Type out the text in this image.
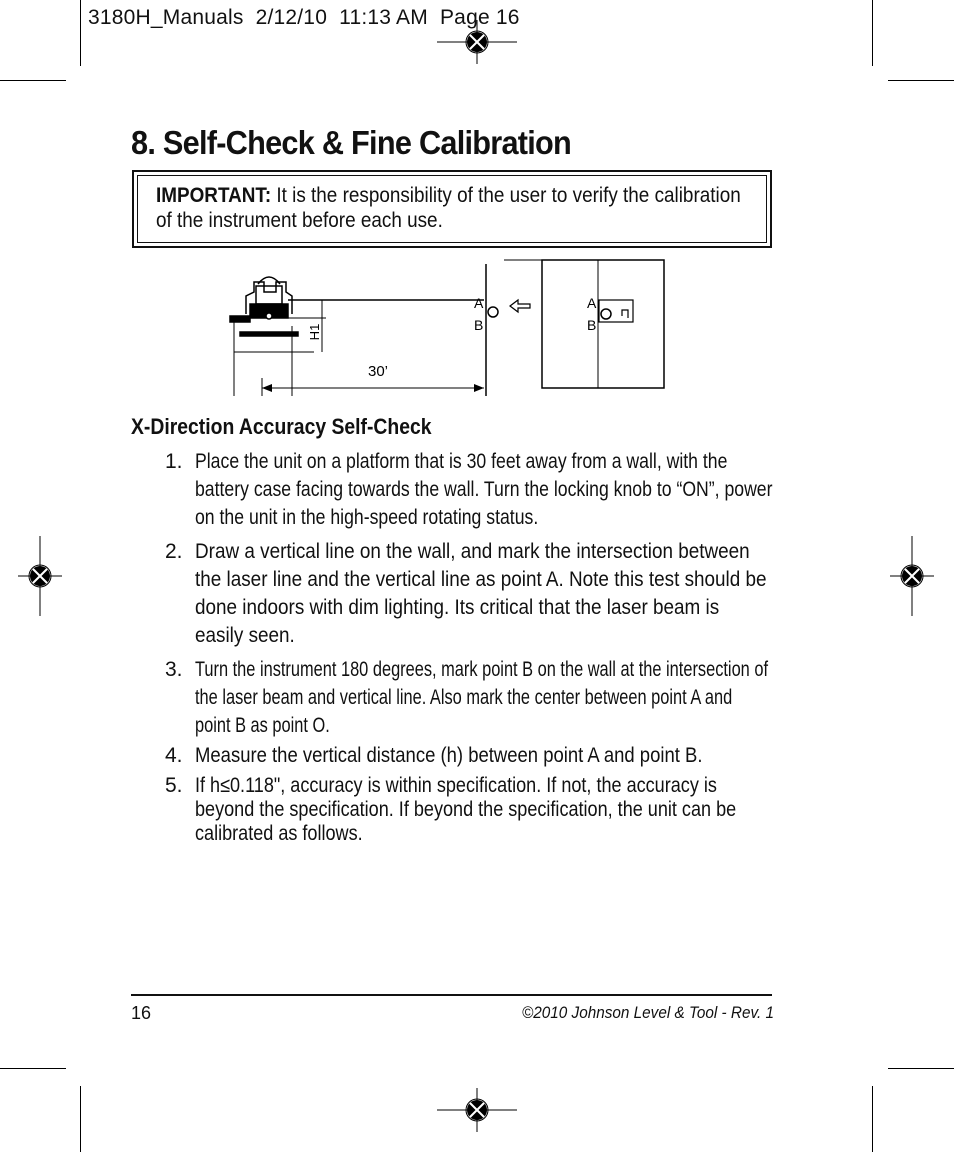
3180H_Manuals  2/12/10  11:13 AM  Page 16
8. Self-Check & Fine Calibration
IMPORTANT: It is the responsibility of the user to verify the calibration of the instrument before each use.
H1
30’
A
B
A
B
X-Direction Accuracy Self-Check
1. Place the unit on a platform that is 30 feet away from a wall, with the battery case facing towards the wall. Turn the locking knob to “ON”, power on the unit in the high-speed rotating status.
2. Draw a vertical line on the wall, and mark the intersection between the laser line and the vertical line as point A. Note this test should be done indoors with dim lighting. Its critical that the laser beam is easily seen.
3. Turn the instrument 180 degrees, mark point B on the wall at the intersection of the laser beam and vertical line. Also mark the center between point A and point B as point O.
4. Measure the vertical distance (h) between point A and point B.
5. If h≤0.118", accuracy is within specification. If not, the accuracy is beyond the specification. If beyond the specification, the unit can be calibrated as follows.
16	©2010 Johnson Level & Tool - Rev. 1
